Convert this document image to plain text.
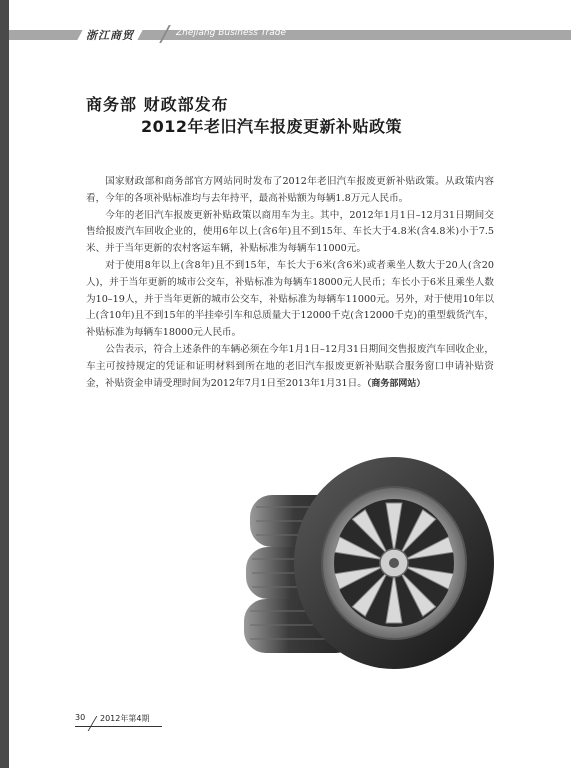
浙江商贸	Zhejiang Business Trade
商务部 财政部发布
2012年老旧汽车报废更新补贴政策

国家财政部和商务部官方网站同时发布了2012年老旧汽车报废更新补贴政策。从政策内容看，今年的各项补贴标准均与去年持平，最高补贴额为每辆1.8万元人民币。

今年的老旧汽车报废更新补贴政策以商用车为主。其中，2012年1月1日–12月31日期间交售给报废汽车回收企业的，使用6年以上(含6年)且不到15年、车长大于4.8米(含4.8米)小于7.5米、并于当年更新的农村客运车辆，补贴标准为每辆车11000元。

对于使用8年以上(含8年)且不到15年，车长大于6米(含6米)或者乘坐人数大于20人(含20人)，并于当年更新的城市公交车，补贴标准为每辆车18000元人民币；车长小于6米且乘坐人数为10–19人，并于当年更新的城市公交车，补贴标准为每辆车11000元。另外，对于使用10年以上(含10年)且不到15年的半挂牵引车和总质量大于12000千克(含12000千克)的重型载货汽车，补贴标准为每辆车18000元人民币。

公告表示，符合上述条件的车辆必须在今年1月1日–12月31日期间交售报废汽车回收企业，车主可按持规定的凭证和证明材料到所在地的老旧汽车报废更新补贴联合服务窗口申请补贴资金，补贴资金申请受理时间为2012年7月1日至2013年1月31日。（商务部网站）

30 2012年第4期
